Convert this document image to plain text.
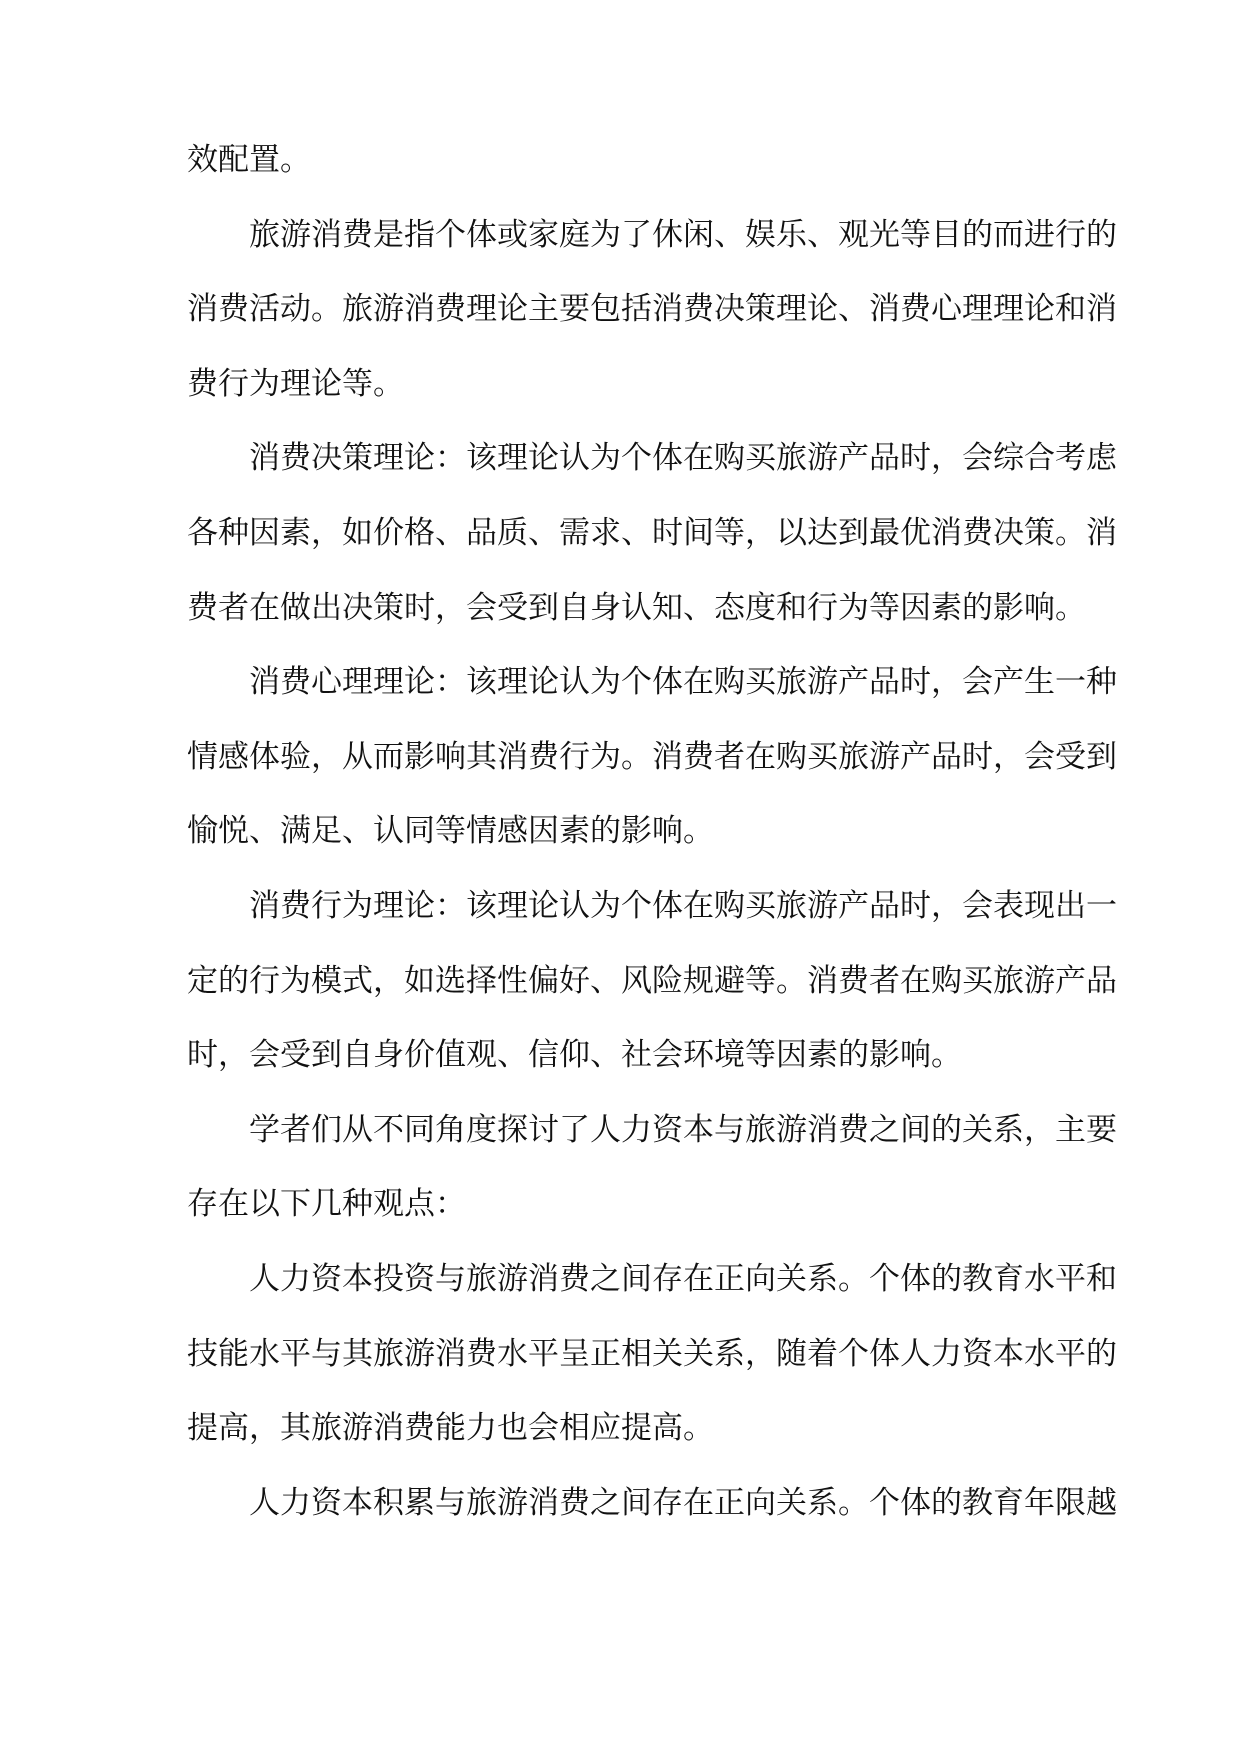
效配置。
旅游消费是指个体或家庭为了休闲、娱乐、观光等目的而进行的
消费活动。旅游消费理论主要包括消费决策理论、消费心理理论和消
费行为理论等。
消费决策理论：该理论认为个体在购买旅游产品时，会综合考虑
各种因素，如价格、品质、需求、时间等，以达到最优消费决策。消
费者在做出决策时，会受到自身认知、态度和行为等因素的影响。
消费心理理论：该理论认为个体在购买旅游产品时，会产生一种
情感体验，从而影响其消费行为。消费者在购买旅游产品时，会受到
愉悦、满足、认同等情感因素的影响。
消费行为理论：该理论认为个体在购买旅游产品时，会表现出一
定的行为模式，如选择性偏好、风险规避等。消费者在购买旅游产品
时，会受到自身价值观、信仰、社会环境等因素的影响。
学者们从不同角度探讨了人力资本与旅游消费之间的关系，主要
存在以下几种观点：
人力资本投资与旅游消费之间存在正向关系。个体的教育水平和
技能水平与其旅游消费水平呈正相关关系，随着个体人力资本水平的
提高，其旅游消费能力也会相应提高。
人力资本积累与旅游消费之间存在正向关系。个体的教育年限越
